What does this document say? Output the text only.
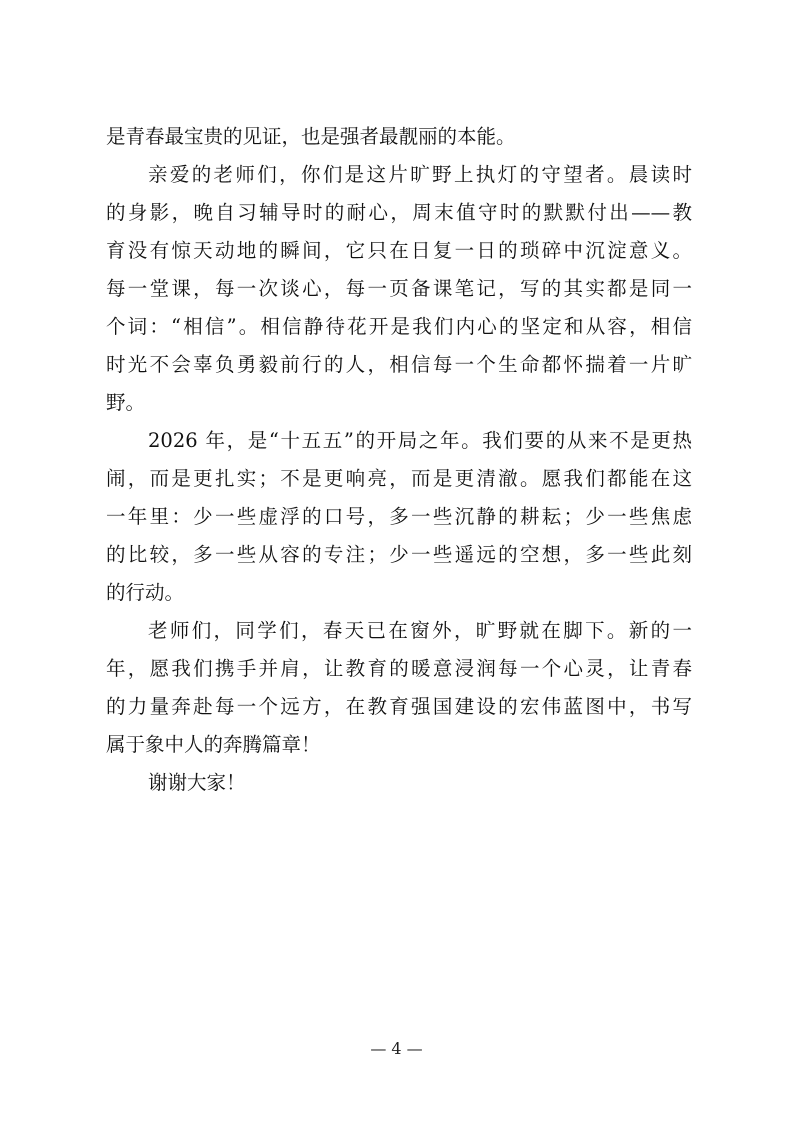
是青春最宝贵的见证，也是强者最靓丽的本能。
亲爱的老师们，你们是这片旷野上执灯的守望者。晨读时
的身影，晚自习辅导时的耐心，周末值守时的默默付出——教
育没有惊天动地的瞬间，它只在日复一日的琐碎中沉淀意义。
每一堂课，每一次谈心，每一页备课笔记，写的其实都是同一
个词：“相信”。相信静待花开是我们内心的坚定和从容，相信
时光不会辜负勇毅前行的人，相信每一个生命都怀揣着一片旷
野。
2026 年，是“十五五”的开局之年。我们要的从来不是更热
闹，而是更扎实；不是更响亮，而是更清澈。愿我们都能在这
一年里：少一些虚浮的口号，多一些沉静的耕耘；少一些焦虑
的比较，多一些从容的专注；少一些遥远的空想，多一些此刻
的行动。
老师们，同学们，春天已在窗外，旷野就在脚下。新的一
年，愿我们携手并肩，让教育的暖意浸润每一个心灵，让青春
的力量奔赴每一个远方，在教育强国建设的宏伟蓝图中，书写
属于象中人的奔腾篇章！
谢谢大家！
— 4 —
